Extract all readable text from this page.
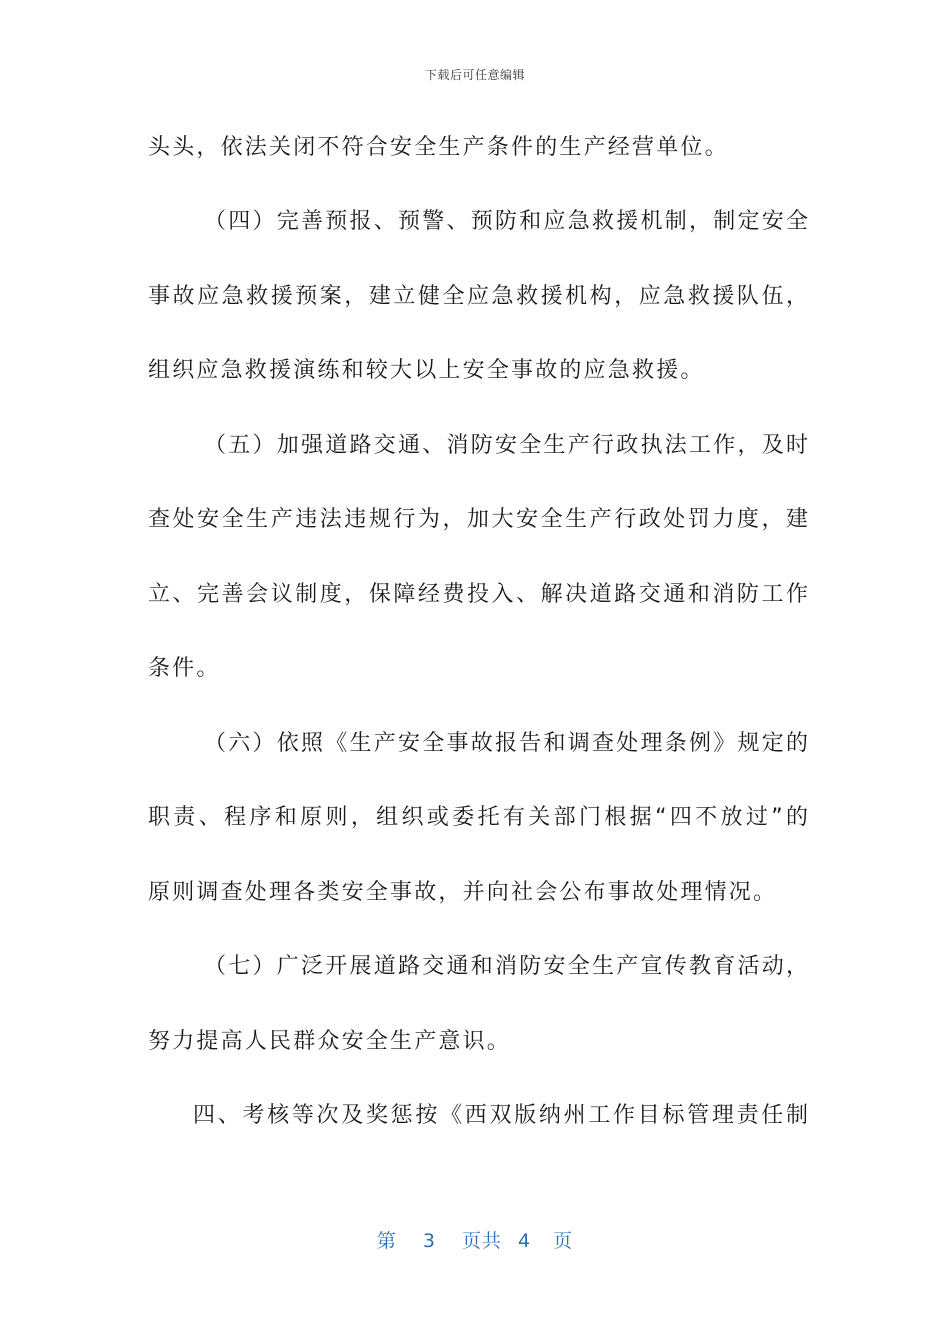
下载后可任意编辑
头头，依法关闭不符合安全生产条件的生产经营单位。
（四）完善预报、预警、预防和应急救援机制，制定安全
事故应急救援预案，建立健全应急救援机构，应急救援队伍，
组织应急救援演练和较大以上安全事故的应急救援。
（五）加强道路交通、消防安全生产行政执法工作，及时
查处安全生产违法违规行为，加大安全生产行政处罚力度，建
立、完善会议制度，保障经费投入、解决道路交通和消防工作
条件。
（六）依照《生产安全事故报告和调查处理条例》规定的
职责、程序和原则，组织或委托有关部门根据“四不放过”的
原则调查处理各类安全事故，并向社会公布事故处理情况。
（七）广泛开展道路交通和消防安全生产宣传教育活动，
努力提高人民群众安全生产意识。
四、考核等次及奖惩按《西双版纳州工作目标管理责任制
第 3 页共 4 页
